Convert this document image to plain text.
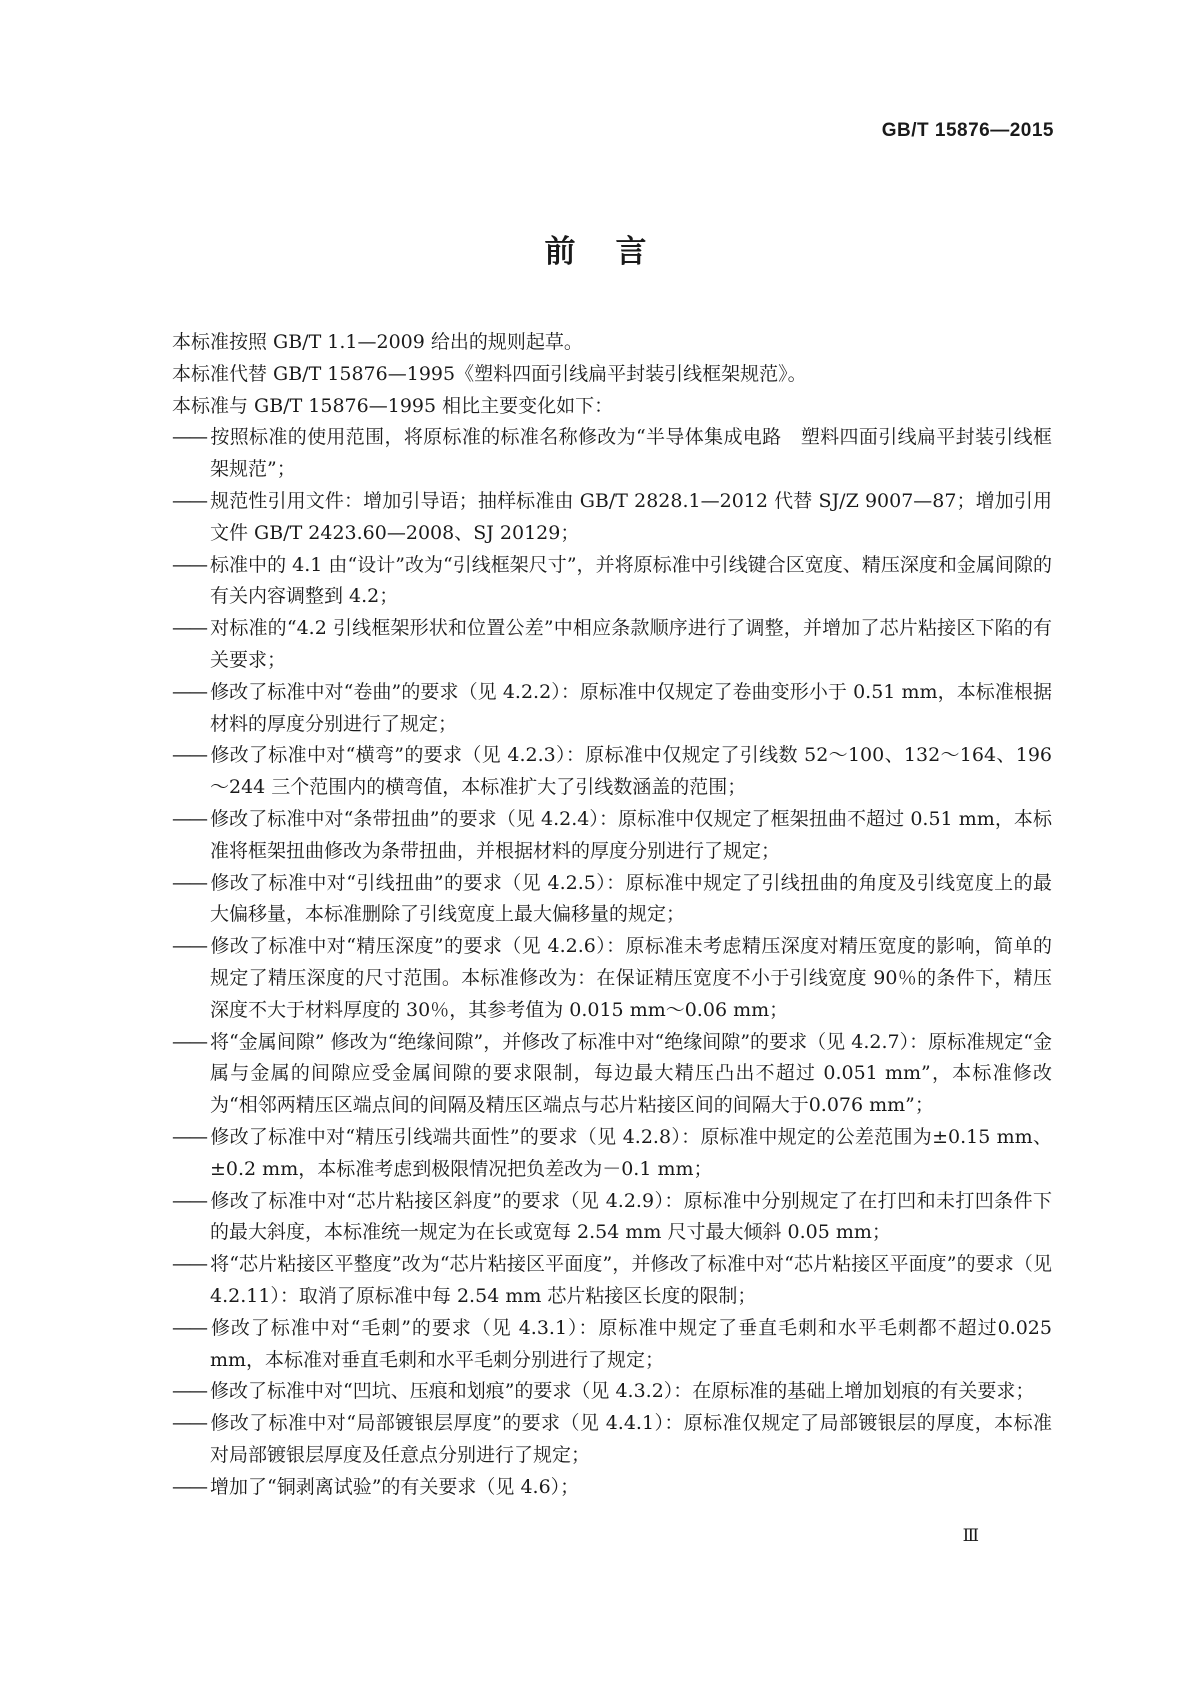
GB/T 15876—2015
前言

本标准按照 GB/T 1.1—2009 给出的规则起草。

本标准代替 GB/T 15876—1995《塑料四面引线扁平封装引线框架规范》。

本标准与 GB/T 15876—1995 相比主要变化如下：

—— 按照标准的使用范围，将原标准的标准名称修改为“半导体集成电路　塑料四面引线扁平封装引线框架规范”；

—— 规范性引用文件：增加引导语；抽样标准由 GB/T 2828.1—2012 代替 SJ/Z 9007—87；增加引用文件 GB/T 2423.60—2008、SJ 20129；

—— 标准中的 4.1 由“设计”改为“引线框架尺寸”，并将原标准中引线键合区宽度、精压深度和金属间隙的有关内容调整到 4.2；

—— 对标准的“4.2 引线框架形状和位置公差”中相应条款顺序进行了调整，并增加了芯片粘接区下陷的有关要求；

—— 修改了标准中对“卷曲”的要求（见 4.2.2）：原标准中仅规定了卷曲变形小于 0.51 mm，本标准根据材料的厚度分别进行了规定；

—— 修改了标准中对“横弯”的要求（见 4.2.3）：原标准中仅规定了引线数 52～100、132～164、196～244 三个范围内的横弯值，本标准扩大了引线数涵盖的范围；

—— 修改了标准中对“条带扭曲”的要求（见 4.2.4）：原标准中仅规定了框架扭曲不超过 0.51 mm，本标准将框架扭曲修改为条带扭曲，并根据材料的厚度分别进行了规定；

—— 修改了标准中对“引线扭曲”的要求（见 4.2.5）：原标准中规定了引线扭曲的角度及引线宽度上的最大偏移量，本标准删除了引线宽度上最大偏移量的规定；

—— 修改了标准中对“精压深度”的要求（见 4.2.6）：原标准未考虑精压深度对精压宽度的影响，简单的规定了精压深度的尺寸范围。本标准修改为：在保证精压宽度不小于引线宽度 90％的条件下，精压深度不大于材料厚度的 30％，其参考值为 0.015 mm～0.06 mm；

—— 将“金属间隙” 修改为“绝缘间隙”，并修改了标准中对“绝缘间隙”的要求（见 4.2.7）：原标准规定“金属与金属的间隙应受金属间隙的要求限制，每边最大精压凸出不超过 0.051 mm”，本标准修改为“相邻两精压区端点间的间隔及精压区端点与芯片粘接区间的间隔大于0.076 mm”；

—— 修改了标准中对“精压引线端共面性”的要求（见 4.2.8）：原标准中规定的公差范围为±0.15 mm、±0.2 mm，本标准考虑到极限情况把负差改为－0.1 mm；

—— 修改了标准中对“芯片粘接区斜度”的要求（见 4.2.9）：原标准中分别规定了在打凹和未打凹条件下的最大斜度，本标准统一规定为在长或宽每 2.54 mm 尺寸最大倾斜 0.05 mm；

—— 将“芯片粘接区平整度”改为“芯片粘接区平面度”，并修改了标准中对“芯片粘接区平面度”的要求（见 4.2.11）：取消了原标准中每 2.54 mm 芯片粘接区长度的限制；

—— 修改了标准中对“毛刺”的要求（见 4.3.1）：原标准中规定了垂直毛刺和水平毛刺都不超过0.025 mm，本标准对垂直毛刺和水平毛刺分别进行了规定；

—— 修改了标准中对“凹坑、压痕和划痕”的要求（见 4.3.2）：在原标准的基础上增加划痕的有关要求；

—— 修改了标准中对“局部镀银层厚度”的要求（见 4.4.1）：原标准仅规定了局部镀银层的厚度，本标准对局部镀银层厚度及任意点分别进行了规定；

—— 增加了“铜剥离试验”的有关要求（见 4.6）；

Ⅲ
